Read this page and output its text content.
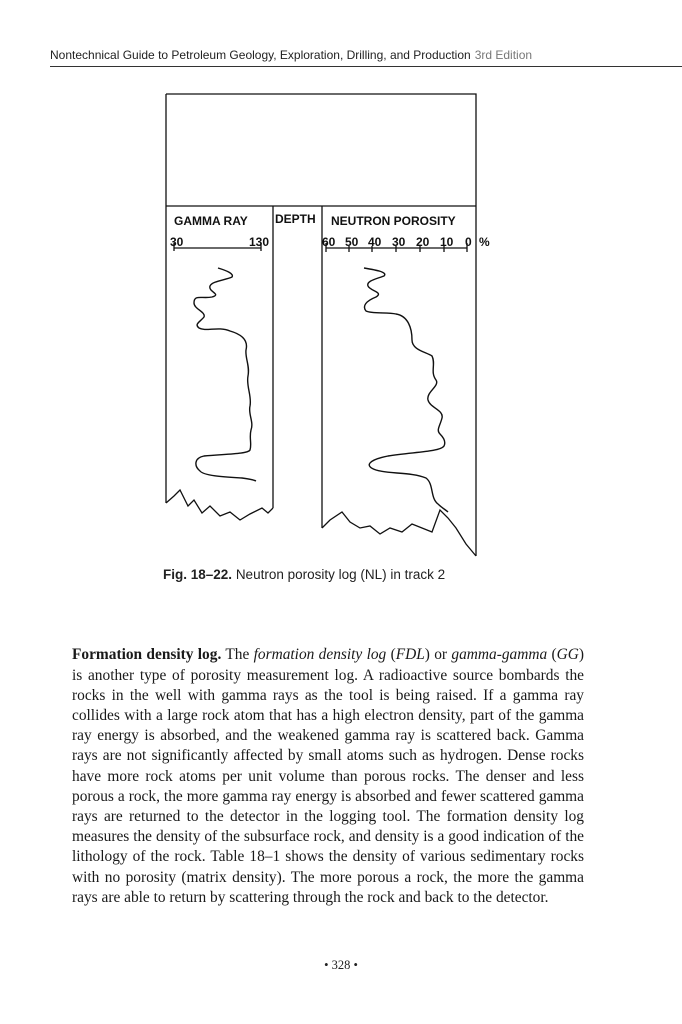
Nontechnical Guide to Petroleum Geology, Exploration, Drilling, and Production 3rd Edition
GAMMA RAY DEPTH NEUTRON POROSITY
30	130	60 50 40 30 20 10 0 %
Fig. 18–22. Neutron porosity log (NL) in track 2

Formation density log. The formation density log (FDL) or gamma-gamma (GG) is another type of porosity measurement log. A radioactive source bombards the rocks in the well with gamma rays as the tool is being raised. If a gamma ray collides with a large rock atom that has a high electron density, part of the gamma ray energy is absorbed, and the weakened gamma ray is scattered back. Gamma rays are not significantly affected by small atoms such as hydrogen. Dense rocks have more rock atoms per unit volume than porous rocks. The denser and less porous a rock, the more gamma ray energy is absorbed and fewer scattered gamma rays are returned to the detector in the logging tool. The formation density log measures the density of the subsurface rock, and density is a good indication of the lithology of the rock. Table 18–1 shows the density of various sedimentary rocks with no porosity (matrix density). The more porous a rock, the more the gamma rays are able to return by scattering through the rock and back to the detector.

• 328 •
